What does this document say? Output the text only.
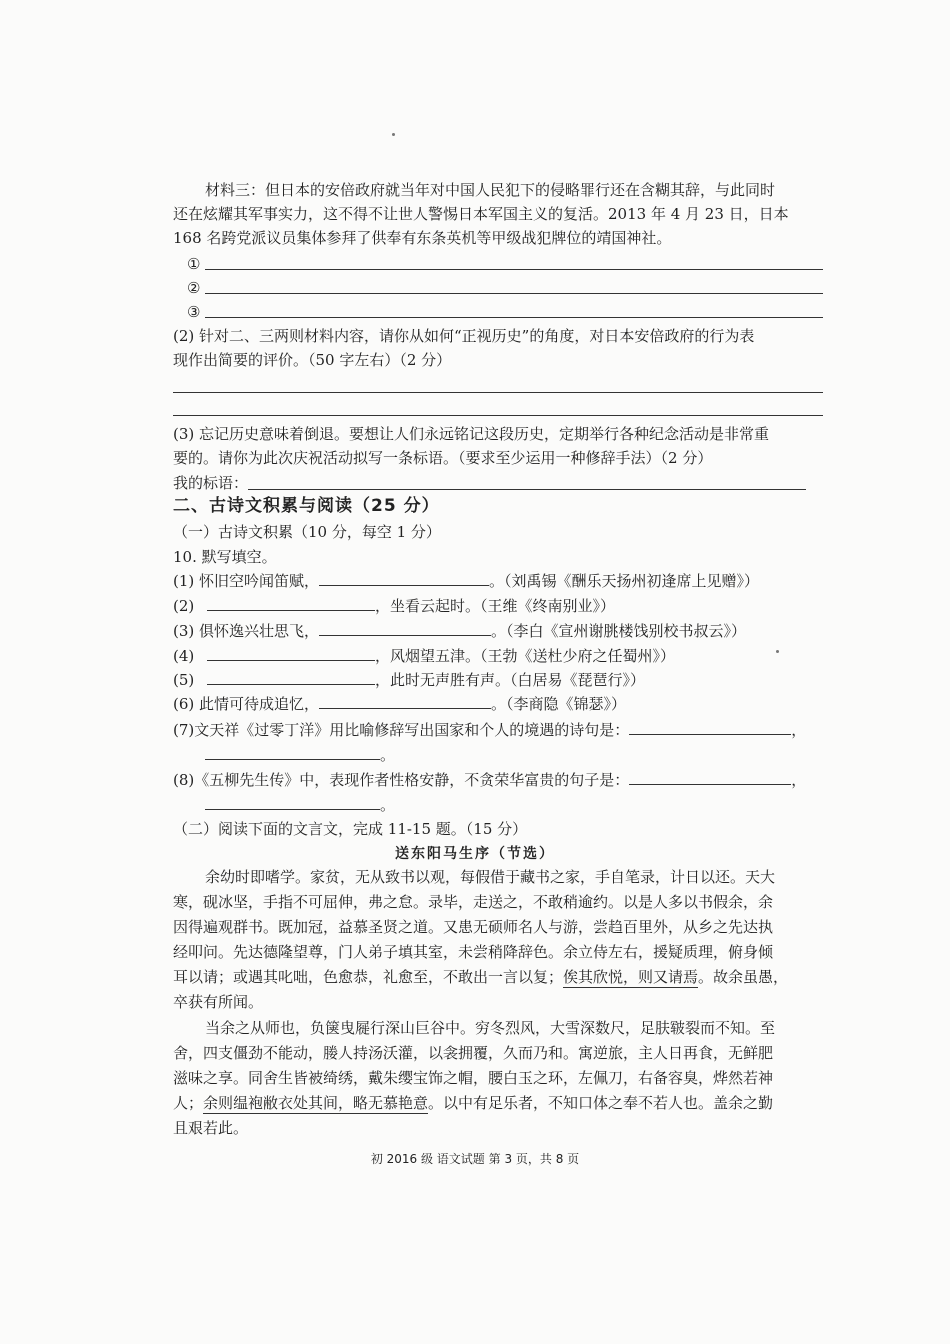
材料三：但日本的安倍政府就当年对中国人民犯下的侵略罪行还在含糊其辞，与此同时
还在炫耀其军事实力，这不得不让世人警惕日本军国主义的复活。2013 年 4 月 23 日，日本
168 名跨党派议员集体参拜了供奉有东条英机等甲级战犯牌位的靖国神社。
①
②
③
(2) 针对二、三两则材料内容，请你从如何“正视历史”的角度，对日本安倍政府的行为表
现作出简要的评价。（50 字左右）（2 分）
(3) 忘记历史意味着倒退。要想让人们永远铭记这段历史，定期举行各种纪念活动是非常重
要的。请你为此次庆祝活动拟写一条标语。（要求至少运用一种修辞手法）（2 分）
我的标语：
二、古诗文积累与阅读（25 分）
（一）古诗文积累（10 分，每空 1 分）
10. 默写填空。
(1) 怀旧空吟闻笛赋，	。（刘禹锡《酬乐天扬州初逢席上见赠》）
(2)	，坐看云起时。（王维《终南别业》）
(3) 俱怀逸兴壮思飞，	。（李白《宣州谢朓楼饯别校书叔云》）
(4)	，风烟望五津。（王勃《送杜少府之任蜀州》）
(5)	，此时无声胜有声。（白居易《琵琶行》）
(6) 此情可待成追忆，	。（李商隐《锦瑟》）
(7)文天祥《过零丁洋》用比喻修辞写出国家和个人的境遇的诗句是：	，
。
(8)《五柳先生传》中，表现作者性格安静，不贪荣华富贵的句子是：	，
。
（二）阅读下面的文言文，完成 11-15 题。（15 分）
送东阳马生序（节选）
余幼时即嗜学。家贫，无从致书以观，每假借于藏书之家，手自笔录，计日以还。天大
寒，砚冰坚，手指不可屈伸，弗之怠。录毕，走送之，不敢稍逾约。以是人多以书假余，余
因得遍观群书。既加冠，益慕圣贤之道。又患无硕师名人与游，尝趋百里外，从乡之先达执
经叩问。先达德隆望尊，门人弟子填其室，未尝稍降辞色。余立侍左右，援疑质理，俯身倾
耳以请；或遇其叱咄，色愈恭，礼愈至，不敢出一言以复；俟其欣悦，则又请焉。故余虽愚，
卒获有所闻。
当余之从师也，负箧曳屣行深山巨谷中。穷冬烈风，大雪深数尺，足肤皲裂而不知。至
舍，四支僵劲不能动，媵人持汤沃灌，以衾拥覆，久而乃和。寓逆旅，主人日再食，无鲜肥
滋味之享。同舍生皆被绮绣，戴朱缨宝饰之帽，腰白玉之环，左佩刀，右备容臭，烨然若神
人；余则缊袍敝衣处其间，略无慕艳意。以中有足乐者，不知口体之奉不若人也。盖余之勤
且艰若此。
初 2016 级 语文试题 第 3 页，共 8 页
